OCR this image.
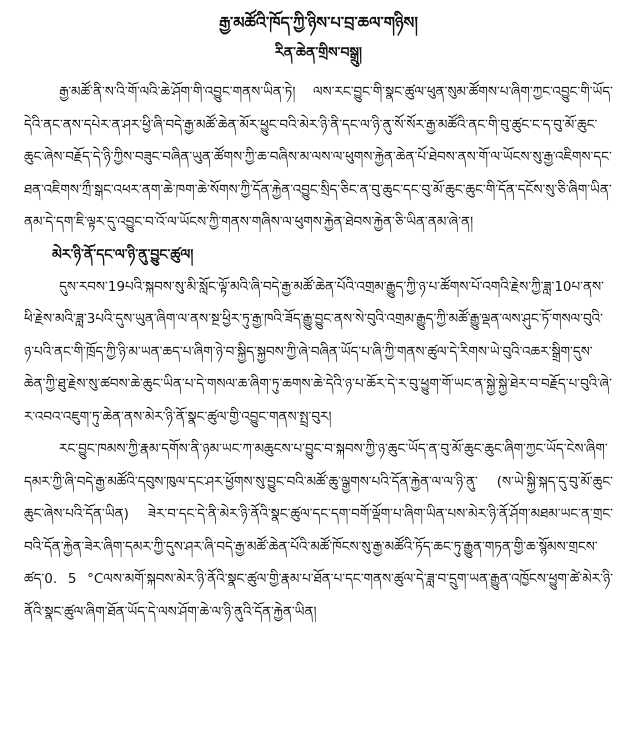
རྒྱ་མཚོའི་ཁོད་ཀྱི་ཉིས་པ་བྲ་ཆལ་གཉིས།
རིན་ཆེན་གྲིས་བསྒྲུ།

རྒྱ་མཚོ་ནི་ས་འི་གོ་ལའི་ཆེ་ཤོག་གི་འབྱུང་གནས་ཡིན་ཏེ། ལས་རང་བྱུང་གི་སྣང་ཚུལ་ཕུན་སུམ་ཚོགས་པ་ཞིག་ཀྱང་འབྱུང་གི་ཡོད་དེའི་ནང་ནས་དཔེར་ན་ཤར་ཕྱི་ཞི་བདེ་རྒྱ་མཚོ་ཆེན་མོར་ཕྱུང་བའི་མེར་ཉི་ནི་དང་ལ་ཉི་ནུ་སོ་སོར་རྒྱ་མཚོའི་ནང་གི་བུ་ཚུང་ང་ད་བུ་མོ་ཆུང་ཆུང་ཞེས་བརྗོད་དེ་ཉི་ཀྱིས་བཟུང་བཞིན་ཡུན་ཚོགས་ཀྱི་ཆ་བཞིས་མ་ལས་ལ་ཕུགས་རྐྱེན་ཆེན་པོ་ཐེབས་ནས་གོ་ལ་ཡོངས་སུ་རྒྱ་འཇིགས་དང་ཐན་འཇིགས་ཀྲྀ་སྒང་འཕར་ནག་ཆེ་ཁག་ཆེ་སོགས་ཀྱི་དོན་རྐྱེན་འབྱུང་སྲིད་ཅིང་ན་བུ་ཆུང་དང་བུ་མོ་ཆུང་ཆུང་གི་དོན་དངོས་སུ་ཅི་ཞིག་ཡིན་ནམ་དེ་དག་ཇི་ལྟར་དུ་འབྱུང་བ་འོ་ལ་ཡོངས་ཀྱི་གནས་གཞིས་ལ་ཕུགས་རྐྱེན་ཐེབས་རྐྱེན་ཅི་ཡིན་ནམ་ཞེ་ན།

མེར་ཉི་ནོ་དང་ལ་ཉི་ནུ་བྱུང་ཚུལ།

དུས་རབས་19པའི་སྐབས་སུ་མི་སློང་ལྟོ་མའི་ཞི་བདེ་རྒྱ་མཚོ་ཆེན་པོའི་འགྲམ་རྒྱུད་ཀྱི་ཉ་པ་ཚོགས་པོ་འགའི་རྗེས་ཀྱི་ཟླ་10པ་ནས་ཕི་རྗེས་མའི་ཟླ་3པའི་དུས་ཡུན་ཞིག་ལ་ནས་སྔ་ཕྱིར་ཏུ་རྒྱ་ཁའི་ཟོད་རྒྱུ་བྱུང་ནས་སེ་བུའི་འགྲམ་རྒྱུད་ཀྱི་མཚོ་རྒྱུ་ལྡན་ལས་ཤུང་ཏོ་གསལ་བུའི་ཉ་པའི་ནང་གི་ཁྲོད་ཀྱི་ཉི་མ་ཡན་ཆད་པ་ཞིག་ཉེ་བ་སྐྱིད་སྐྱབས་ཀྱི་ཞེ་བཞིན་ཡོད་པ་ཞི་ཀྱི་གནས་ཚུལ་དེ་རིགས་ཡེ་བུའི་འཆར་སྒྲིག་དུས་ཆེན་ཀྱི་ཐུ་རྗེས་སུ་ཚབས་ཆེ་ཆུང་ཡིན་པ་དེ་གསལ་ཆ་ཞིག་ཏུ་ཆགས་ཆེ་དེའི་ཉ་པ་ཆོར་དེ་ར་བུ་ཕྱུག་གོ་ཡང་ན་སྐྱེ་སྐྱེ་ཐེར་བ་བརྗོད་པ་བུའི་ཞེ་ར་འབའ་འཇུག་ཏུ་ཆེན་ནས་མེར་ཉི་ནོ་སྣང་ཚུལ་གྱི་འབྱུང་གནས་སྤྲ་བུར།

རང་བྱུང་ཁམས་ཀྱི་རྣམ་དགོས་ནི་ཉམ་ཡང་ཀ་མཆུངས་པ་བྱུང་བ་སྐབས་ཀྱི་ཉ་ཆུང་ཡོད་ན་བུ་མོ་ཆུང་ཆུང་ཞིག་ཀྱང་ཡོད་ངེས་ཞིག་དམར་ཀྱི་ཞི་བདེ་རྒྱ་མཚོའི་དབུས་ཁུལ་དང་ཤར་ཕྱོགས་སུ་བྱུང་བའི་མཚོ་ཆུ་ལྒྱགས་པའི་དོན་རྐྱེན་ལ་ལ་ཉི་ནུ་ (ས་ཡེ་སྐྱི་སྐད་དུ་བུ་མོ་ཆུང་ཆུང་ཞེས་པའི་དོན་ཡིན) ཟེར་བ་དང་དེ་ནི་མེར་ཉི་ནོའི་སྣང་ཚུལ་དང་དག་བགོ་ལྡོག་པ་ཞིག་ཡིན་པས་མེར་ཉི་ནོ་ཤོག་མཐམ་ཡང་ན་གྲང་བའི་དོན་རྐྱེན་ཟེར་ཞིག་དམར་ཀྱི་དུས་ཤར་ཞི་བདེ་རྒྱ་མཚོ་ཆེན་པོའི་མཚོ་ཁོངས་སུ་རྒྱ་མཚོའི་ཏོད་ཆང་ཏུ་རྒྱུན་གཏན་གྱི་ཆ་སྙོམས་གྲངས་ཚད་0. 5 °Cལས་མགོ་སྐབས་མེར་ཉི་ནོའི་སྣང་ཚུལ་གྱི་རྣམ་པ་ཐོན་པ་དང་གནས་ཚུལ་དེ་ཟླ་བ་དྲུག་ཡན་རྒྱུན་འཁྱོངས་ཕྱུག་ཚེ་མེར་ཉི་ནོའི་སྣང་ཚུལ་ཞིག་ཐོན་ཡོད་དེ་ལས་ཤོག་ཆེ་ལ་ཉི་ནུའི་དོན་རྐྱེན་ཡིན།
